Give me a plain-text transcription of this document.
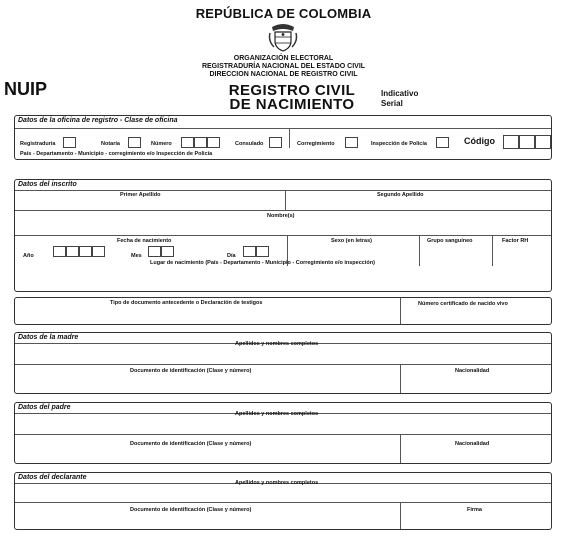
REPÚBLICA DE COLOMBIA
ORGANIZACIÓN ELECTORAL
REGISTRADURÍA NACIONAL DEL ESTADO CIVIL
DIRECCION NACIONAL DE REGISTRO CIVIL
NUIP	REGISTRO CIVIL
DE NACIMIENTO
Indicativo
Serial
Datos de la oficina de registro - Clase de oficina
Registraduría	Notaría	Número	Consulado	Corregimiento	Inspección de Policía	Código
País - Departamento - Municipio - corregimiento e/o Inspección de Policía
Datos del inscrito
Primer Apellido	Segundo Apellido
Nombre(s)
Fecha de nacimiento	Sexo (en letras)	Grupo sanguíneo	Factor RH
Año	Mes	Día
Lugar de nacimiento (País - Departamento - Municipio - Corregimiento e/o inspección)
Tipo de documento antecedente o Declaración de testigos	Número certificado de nacido vivo
Datos de la madre
Apellidos y nombres completos
Documento de identificación (Clase y número)	Nacionalidad
Datos del padre
Apellidos y nombres completos
Documento de identificación (Clase y número)	Nacionalidad
Datos del declarante
Apellidos y nombres completos
Documento de identificación (Clase y número)	Firma
